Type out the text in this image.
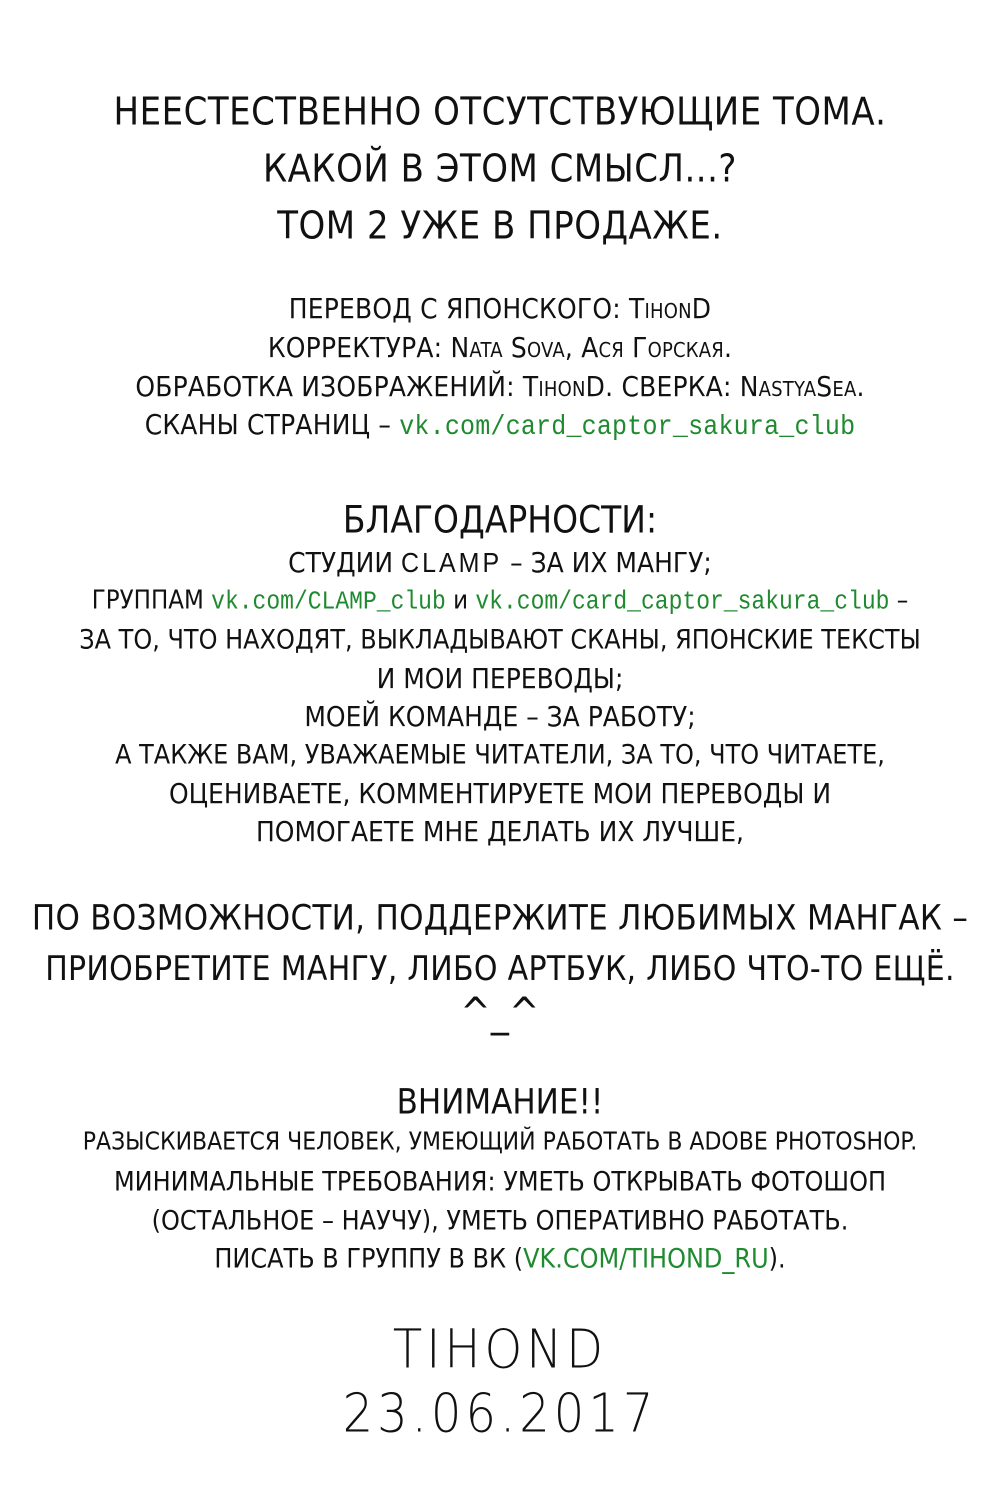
НЕЕСТЕСТВЕННО ОТСУТСТВУЮЩИЕ ТОМА.
КАКОЙ В ЭТОМ СМЫСЛ...?
ТОМ 2 УЖЕ В ПРОДАЖЕ.
ПЕРЕВОД С ЯПОНСКОГО: TihonD
КОРРЕКТУРА: Nata Sova, Ася Горская.
ОБРАБОТКА ИЗОБРАЖЕНИЙ: TihonD. СВЕРКА: NastyaSea.
СКАНЫ СТРАНИЦ – vk.com/card_captor_sakura_club
БЛАГОДАРНОСТИ:
СТУДИИ CLAMP – ЗА ИХ МАНГУ;
ГРУППАМ vk.com/CLAMP_club и vk.com/card_captor_sakura_club –
ЗА ТО, ЧТО НАХОДЯТ, ВЫКЛАДЫВАЮТ СКАНЫ, ЯПОНСКИЕ ТЕКСТЫ
И МОИ ПЕРЕВОДЫ;
МОЕЙ КОМАНДЕ – ЗА РАБОТУ;
А ТАКЖЕ ВАМ, УВАЖАЕМЫЕ ЧИТАТЕЛИ, ЗА ТО, ЧТО ЧИТАЕТЕ,
ОЦЕНИВАЕТЕ, КОММЕНТИРУЕТЕ МОИ ПЕРЕВОДЫ И
ПОМОГАЕТЕ МНЕ ДЕЛАТЬ ИХ ЛУЧШЕ,
ПО ВОЗМОЖНОСТИ, ПОДДЕРЖИТЕ ЛЮБИМЫХ МАНГАК –
ПРИОБРЕТИТЕ МАНГУ, ЛИБО АРТБУК, ЛИБО ЧТО-ТО ЕЩЁ.
^_^
ВНИМАНИЕ!!
РАЗЫСКИВАЕТСЯ ЧЕЛОВЕК, УМЕЮЩИЙ РАБОТАТЬ В ADOBE PHOTOSHOP.
МИНИМАЛЬНЫЕ ТРЕБОВАНИЯ: УМЕТЬ ОТКРЫВАТЬ ФОТОШОП
(ОСТАЛЬНОЕ – НАУЧУ), УМЕТЬ ОПЕРАТИВНО РАБОТАТЬ.
ПИСАТЬ В ГРУППУ В ВК (VK.COM/TIHOND_RU).
TIHOND
23.06.2017
